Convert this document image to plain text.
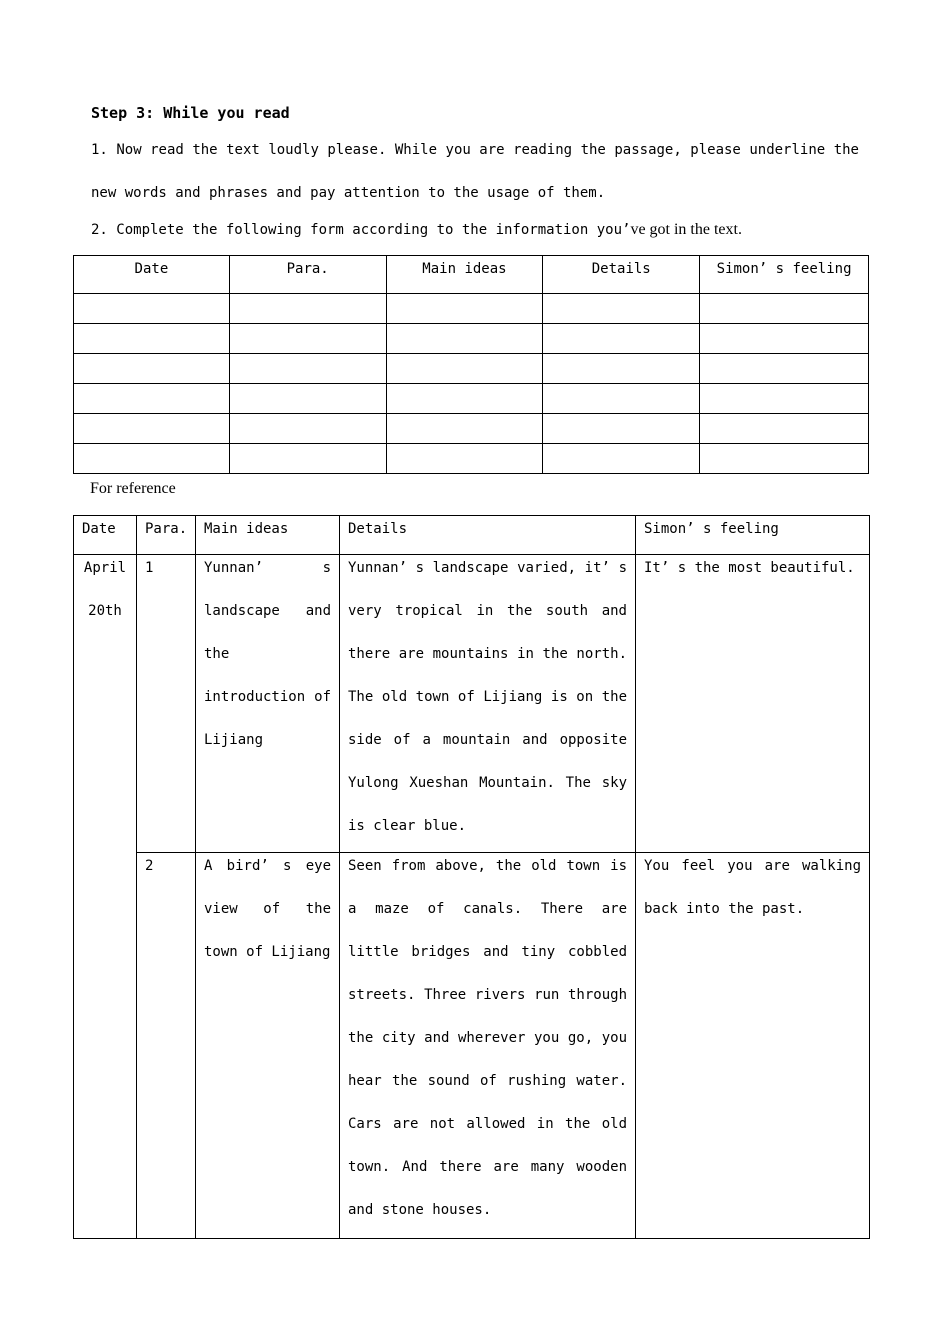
Step 3: While you read
1. Now read the text loudly please. While you are reading the passage, please underline the
new words and phrases and pay attention to the usage of them.
2. Complete the following form according to the information you’ve got in the text.
Date	Para.	Main ideas	Details	Simon’ s feeling

For reference
Date	Para.	Main ideas	Details	Simon’ s feeling

April 20th	1	Yunnan’ s landscape and the introduction of Lijiang	Yunnan’ s landscape varied, it’ s very tropical in the south and there are mountains in the north. The old town of Lijiang is on the side of a mountain and opposite Yulong Xueshan Mountain. The sky is clear blue.	It’ s the most beautiful.

	2	A bird’ s eye view of the town of Lijiang	Seen from above, the old town is a maze of canals. There are little bridges and tiny cobbled streets. Three rivers run through the city and wherever you go, you hear the sound of rushing water. Cars are not allowed in the old town. And there are many wooden and stone houses.	You feel you are walking back into the past.
